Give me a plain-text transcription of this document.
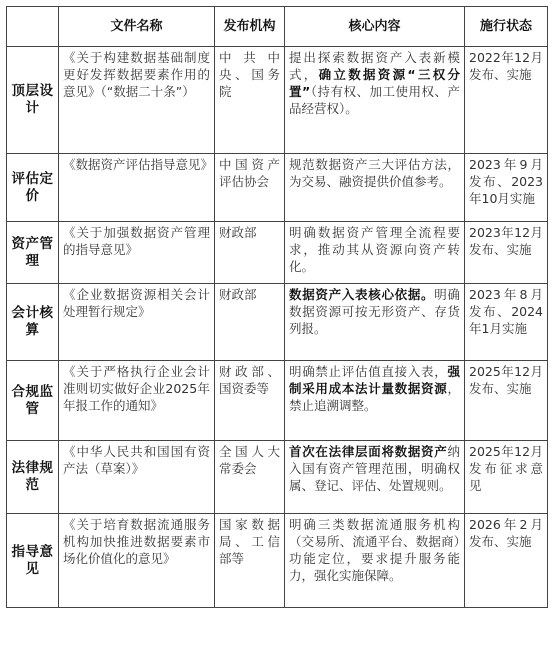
	文件名称	发布机构	核心内容	施行状态
顶层设计	《关于构建数据基础制度更好发挥数据要素作用的意见》（“数据二十条”）	中共中央、国务院	提出探索数据资产入表新模式，确立数据资源“三权分置”（持有权、加工使用权、产品经营权）。	2022年12月发布、实施
评估定价	《数据资产评估指导意见》	中国资产评估协会	规范数据资产三大评估方法，为交易、融资提供价值参考。	2023年9月发布、2023年10月实施
资产管理	《关于加强数据资产管理的指导意见》	财政部	明确数据资产管理全流程要求，推动其从资源向资产转化。	2023年12月发布、实施
会计核算	《企业数据资源相关会计处理暂行规定》	财政部	数据资产入表核心依据。明确数据资源可按无形资产、存货列报。	2023年8月发布、2024年1月实施
合规监管	《关于严格执行企业会计准则切实做好企业2025年年报工作的通知》	财政部、国资委等	明确禁止评估值直接入表，强制采用成本法计量数据资源，禁止追溯调整。	2025年12月发布、实施
法律规范	《中华人民共和国国有资产法（草案）》	全国人大常委会	首次在法律层面将数据资产纳入国有资产管理范围，明确权属、登记、评估、处置规则。	2025年12月发布征求意见
指导意见	《关于培育数据流通服务机构加快推进数据要素市场化价值化的意见》	国家数据局、工信部等	明确三类数据流通服务机构（交易所、流通平台、数据商）功能定位，要求提升服务能力，强化实施保障。	2026年2月发布、实施
